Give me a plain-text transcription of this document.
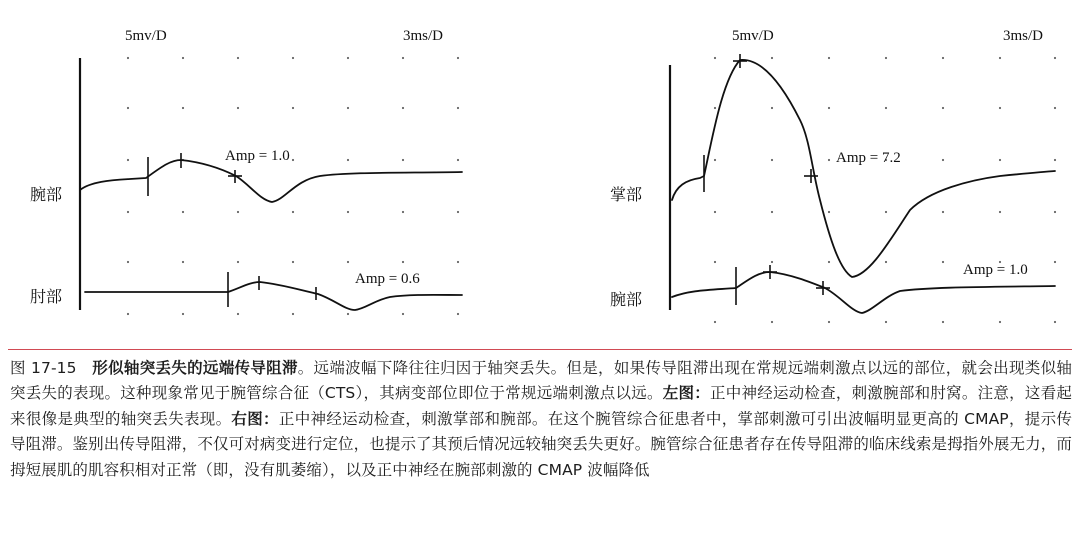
5mv/D	3ms/D
腕部
Amp = 1.0
肘部
Amp = 0.6
5mv/D	3ms/D
掌部
Amp = 7.2
腕部
Amp = 1.0
图 17-15 形似轴突丢失的远端传导阻滞。远端波幅下降往往归因于轴突丢失。但是，如果传导阻滞出现在常规远端刺激点以远的部位，就会出现类似轴突丢失的表现。这种现象常见于腕管综合征（CTS），其病变部位即位于常规远端刺激点以远。左图：正中神经运动检查，刺激腕部和肘窝。注意，这看起来很像是典型的轴突丢失表现。右图：正中神经运动检查，刺激掌部和腕部。在这个腕管综合征患者中，掌部刺激可引出波幅明显更高的 CMAP，提示传导阻滞。鉴别出传导阻滞，不仅可对病变进行定位，也提示了其预后情况远较轴突丢失更好。腕管综合征患者存在传导阻滞的临床线索是拇指外展无力，而拇短展肌的肌容积相对正常（即，没有肌萎缩），以及正中神经在腕部刺激的 CMAP 波幅降低
